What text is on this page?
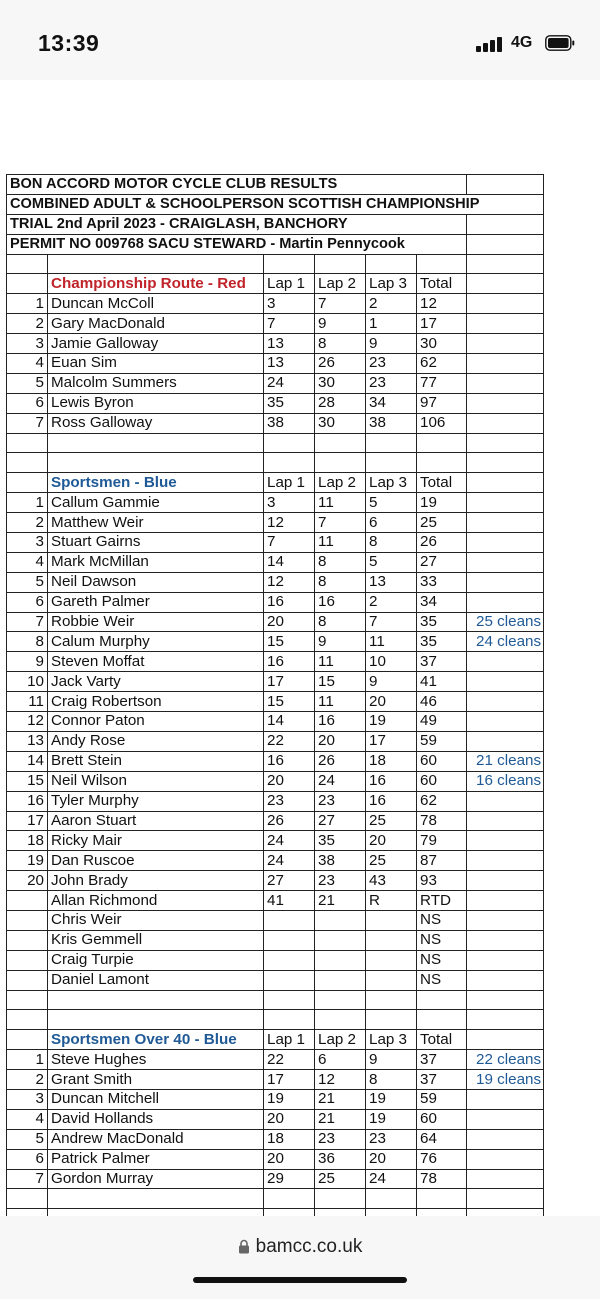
13:39	4G
BON ACCORD MOTOR CYCLE CLUB RESULTS						
COMBINED ADULT & SCHOOLPERSON SCOTTISH CHAMPIONSHIP						
TRIAL 2nd April 2023 - CRAIGLASH, BANCHORY						
PERMIT NO 009768 SACU STEWARD - Martin Pennycook						

	Championship Route - Red	Lap 1	Lap 2	Lap 3	Total	
1	Duncan McColl	3	7	2	12	
2	Gary MacDonald	7	9	1	17	
3	Jamie Galloway	13	8	9	30	
4	Euan Sim	13	26	23	62	
5	Malcolm Summers	24	30	23	77	
6	Lewis Byron	35	28	34	97	
7	Ross Galloway	38	30	38	106	

	Sportsmen - Blue	Lap 1	Lap 2	Lap 3	Total	
1	Callum Gammie	3	11	5	19	
2	Matthew Weir	12	7	6	25	
3	Stuart Gairns	7	11	8	26	
4	Mark McMillan	14	8	5	27	
5	Neil Dawson	12	8	13	33	
6	Gareth Palmer	16	16	2	34	
7	Robbie Weir	20	8	7	35	25 cleans
8	Calum Murphy	15	9	11	35	24 cleans
9	Steven Moffat	16	11	10	37	
10	Jack Varty	17	15	9	41	
11	Craig Robertson	15	11	20	46	
12	Connor Paton	14	16	19	49	
13	Andy Rose	22	20	17	59	
14	Brett Stein	16	26	18	60	21 cleans
15	Neil Wilson	20	24	16	60	16 cleans
16	Tyler Murphy	23	23	16	62	
17	Aaron Stuart	26	27	25	78	
18	Ricky Mair	24	35	20	79	
19	Dan Ruscoe	24	38	25	87	
20	John Brady	27	23	43	93	
	Allan Richmond	41	21	R	RTD	
	Chris Weir				NS	
	Kris Gemmell				NS	
	Craig Turpie				NS	
	Daniel Lamont				NS	

	Sportsmen Over 40 - Blue	Lap 1	Lap 2	Lap 3	Total	
1	Steve Hughes	22	6	9	37	22 cleans
2	Grant Smith	17	12	8	37	19 cleans
3	Duncan Mitchell	19	21	19	59	
4	David Hollands	20	21	19	60	
5	Andrew MacDonald	18	23	23	64	
6	Patrick Palmer	20	36	20	76	
7	Gordon Murray	29	25	24	78	

bamcc.co.uk
